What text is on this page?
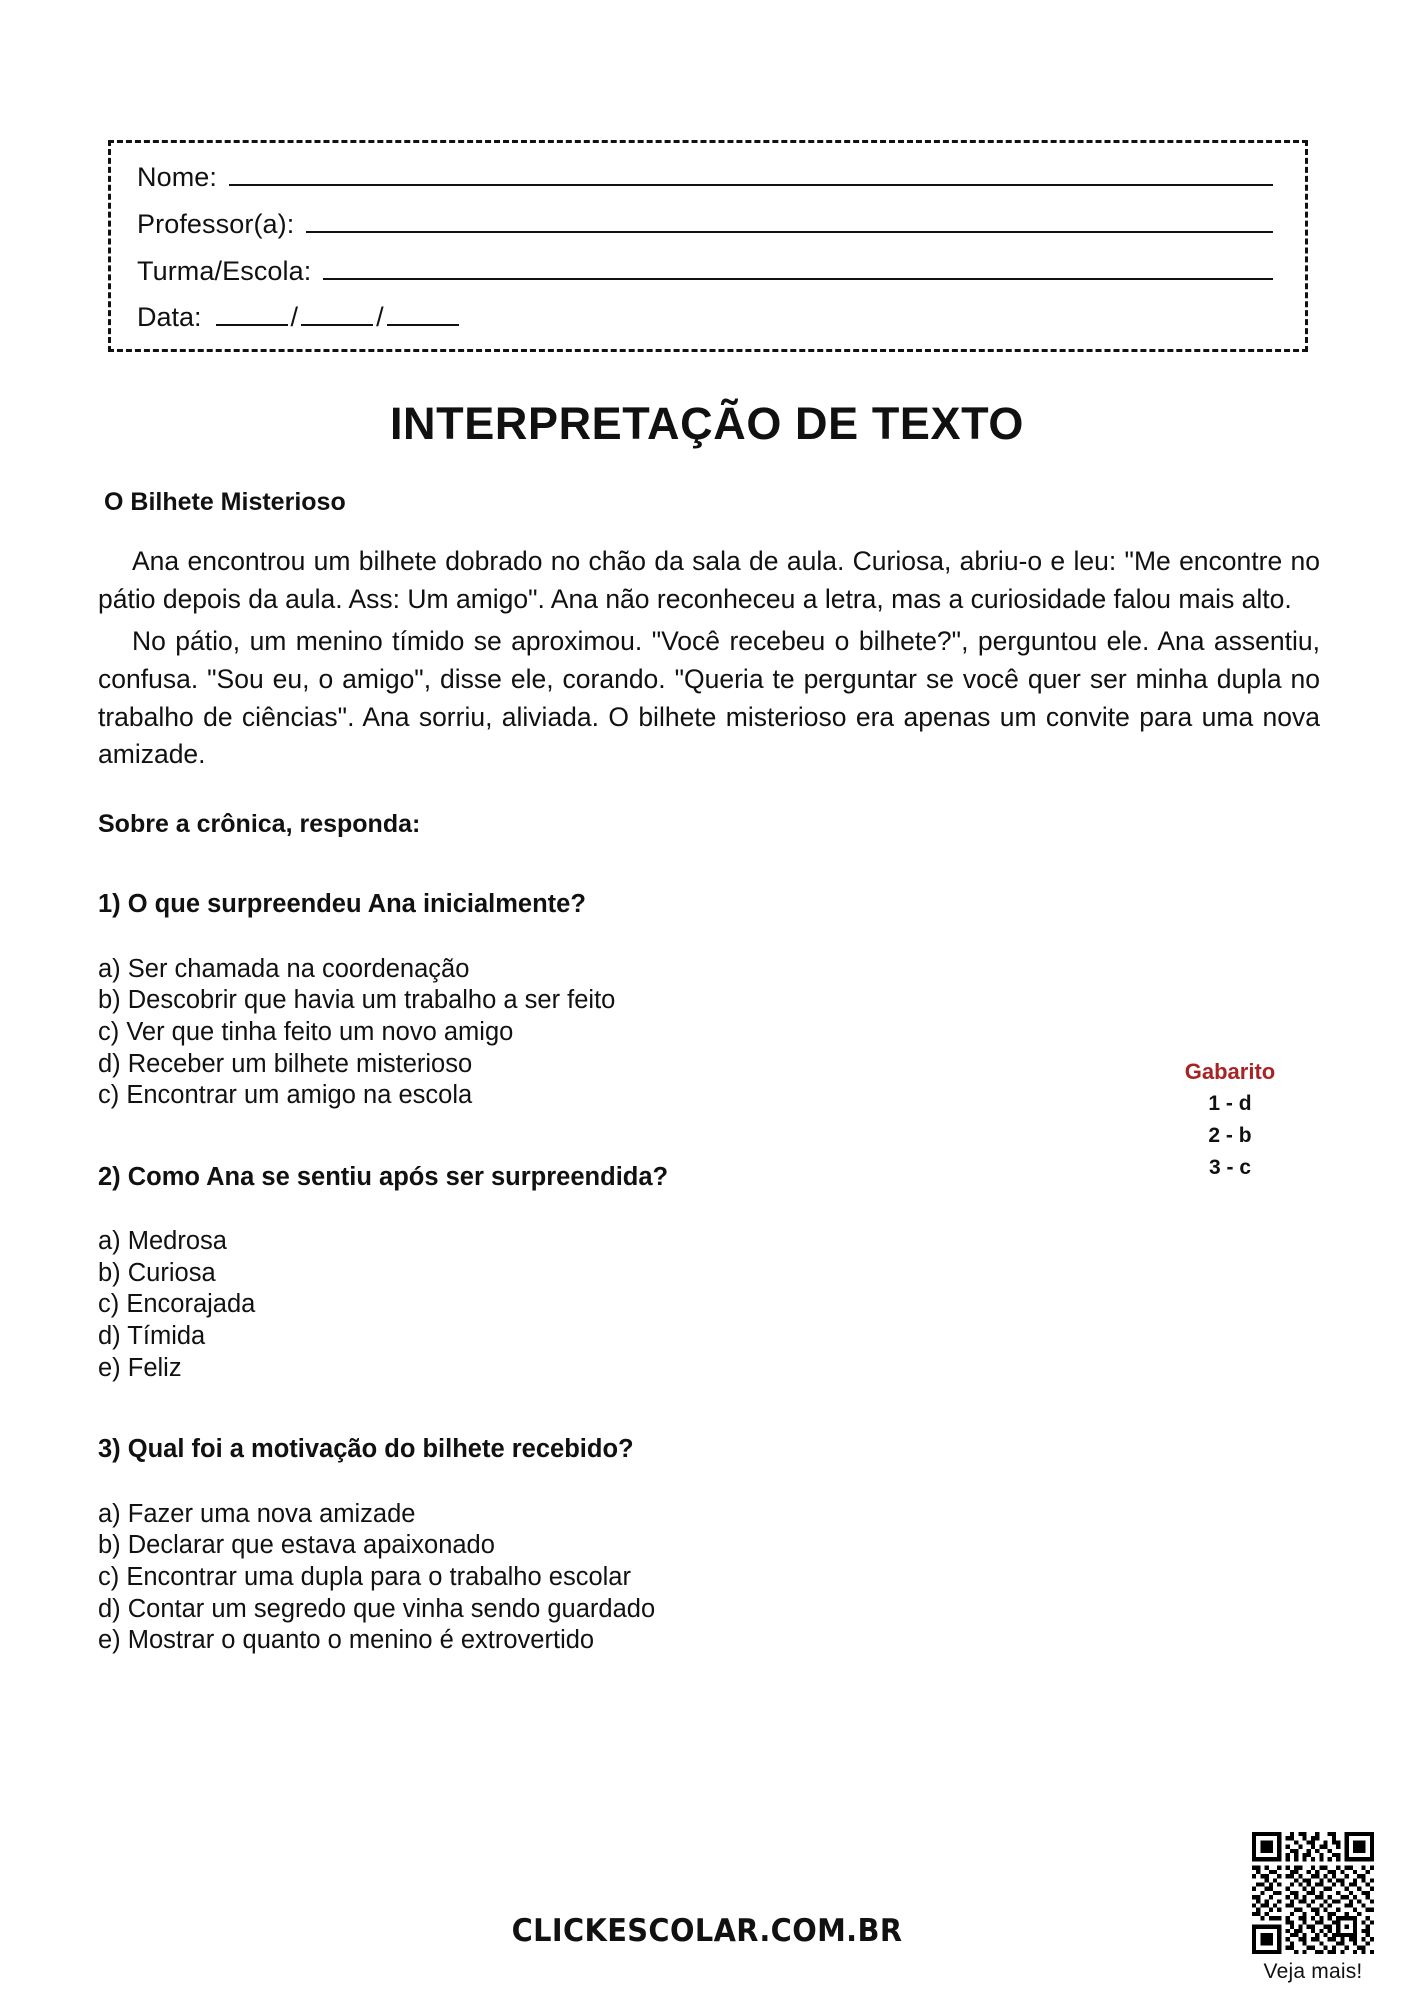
Nome:
Professor(a):
Turma/Escola:
Data:	/	/
INTERPRETAÇÃO DE TEXTO
O Bilhete Misterioso

Ana encontrou um bilhete dobrado no chão da sala de aula. Curiosa, abriu-o e leu: "Me encontre no pátio depois da aula. Ass: Um amigo". Ana não reconheceu a letra, mas a curiosidade falou mais alto.

No pátio, um menino tímido se aproximou. "Você recebeu o bilhete?", perguntou ele. Ana assentiu, confusa. "Sou eu, o amigo", disse ele, corando. "Queria te perguntar se você quer ser minha dupla no trabalho de ciências". Ana sorriu, aliviada. O bilhete misterioso era apenas um convite para uma nova amizade.

Sobre a crônica, responda:
1) O que surpreendeu Ana inicialmente?
a) Ser chamada na coordenação
b) Descobrir que havia um trabalho a ser feito
c) Ver que tinha feito um novo amigo
d) Receber um bilhete misterioso
c) Encontrar um amigo na escola
2) Como Ana se sentiu após ser surpreendida?
a) Medrosa
b) Curiosa
c) Encorajada
d) Tímida
e) Feliz
3) Qual foi a motivação do bilhete recebido?
a) Fazer uma nova amizade
b) Declarar que estava apaixonado
c) Encontrar uma dupla para o trabalho escolar
d) Contar um segredo que vinha sendo guardado
e) Mostrar o quanto o menino é extrovertido
Gabarito
1 - d
2 - b
3 - c
CLICKESCOLAR.COM.BR
Veja mais!
